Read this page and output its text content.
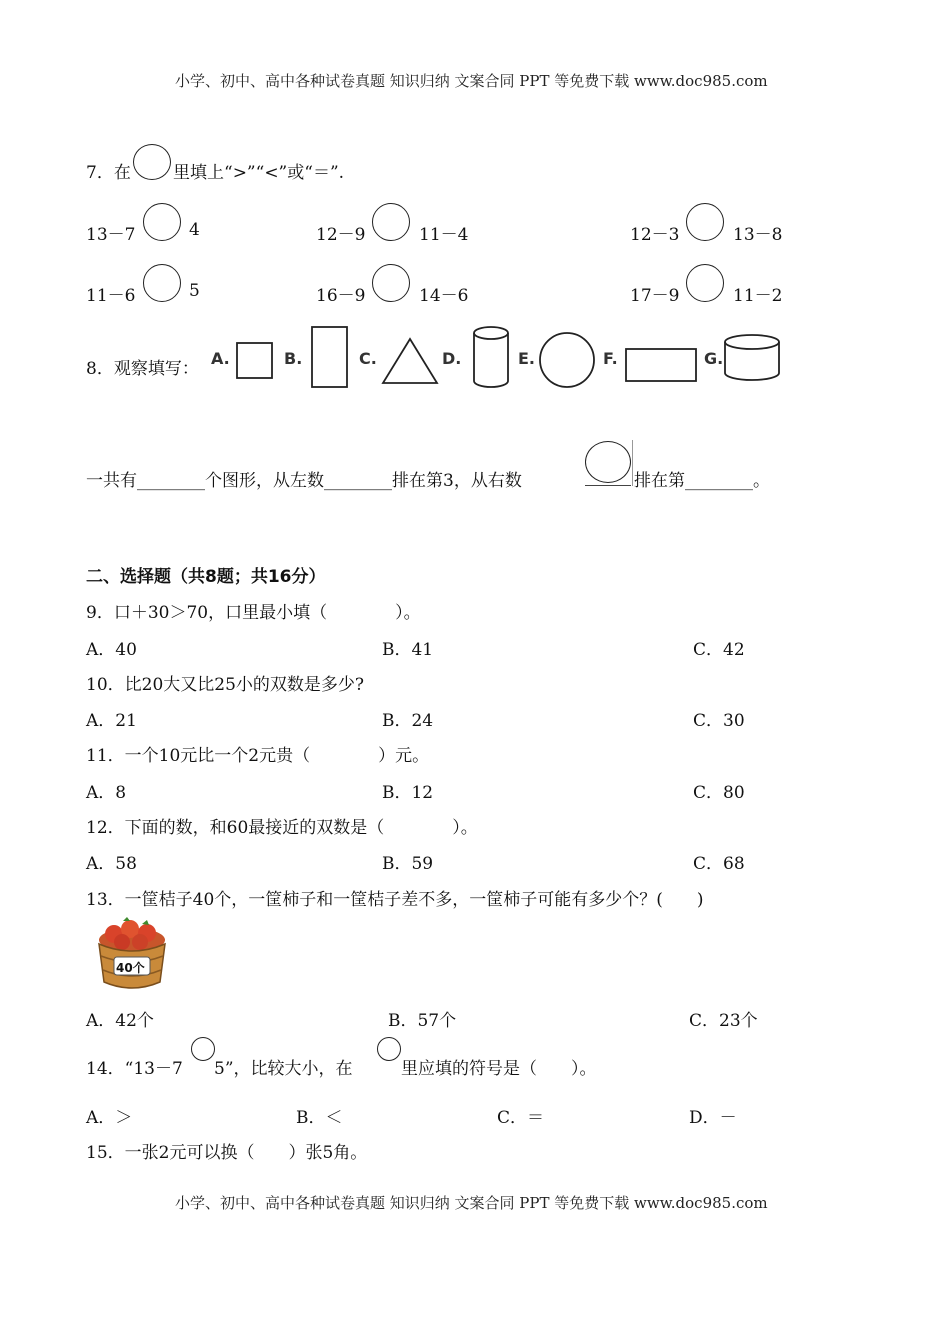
小学、初中、高中各种试卷真题 知识归纳 文案合同 PPT 等免费下载 www.doc985.com
7．在 里填上“>”“<”或“＝”.
13－7	4	12－9	11－4	12－3	13－8
11－6	5	16－9	14－6	17－9	11－2
8．观察填写：
A.	B.	C.	D.	E.	F.	G.
一共有________个图形，从左数________排在第3，从右数	排在第________。
二、选择题（共8题；共16分）
9．口＋30＞70，口里最小填（　　　　）。
A．40	B．41	C．42
10．比20大又比25小的双数是多少?
A．21	B．24	C．30
11．一个10元比一个2元贵（　　　　）元。
A．8	B．12	C．80
12．下面的数，和60最接近的双数是（　　　　）。
A．58	B．59	C．68
13．一筐桔子40个，一筐柿子和一筐桔子差不多，一筐柿子可能有多少个？(　　)
40个
A．42个	B．57个	C．23个
14．“13－7 5”，比较大小，在	里应填的符号是（　　）。
A．＞	B．＜	C．＝	D．－
15．一张2元可以换（　　）张5角。
小学、初中、高中各种试卷真题 知识归纳 文案合同 PPT 等免费下载 www.doc985.com
